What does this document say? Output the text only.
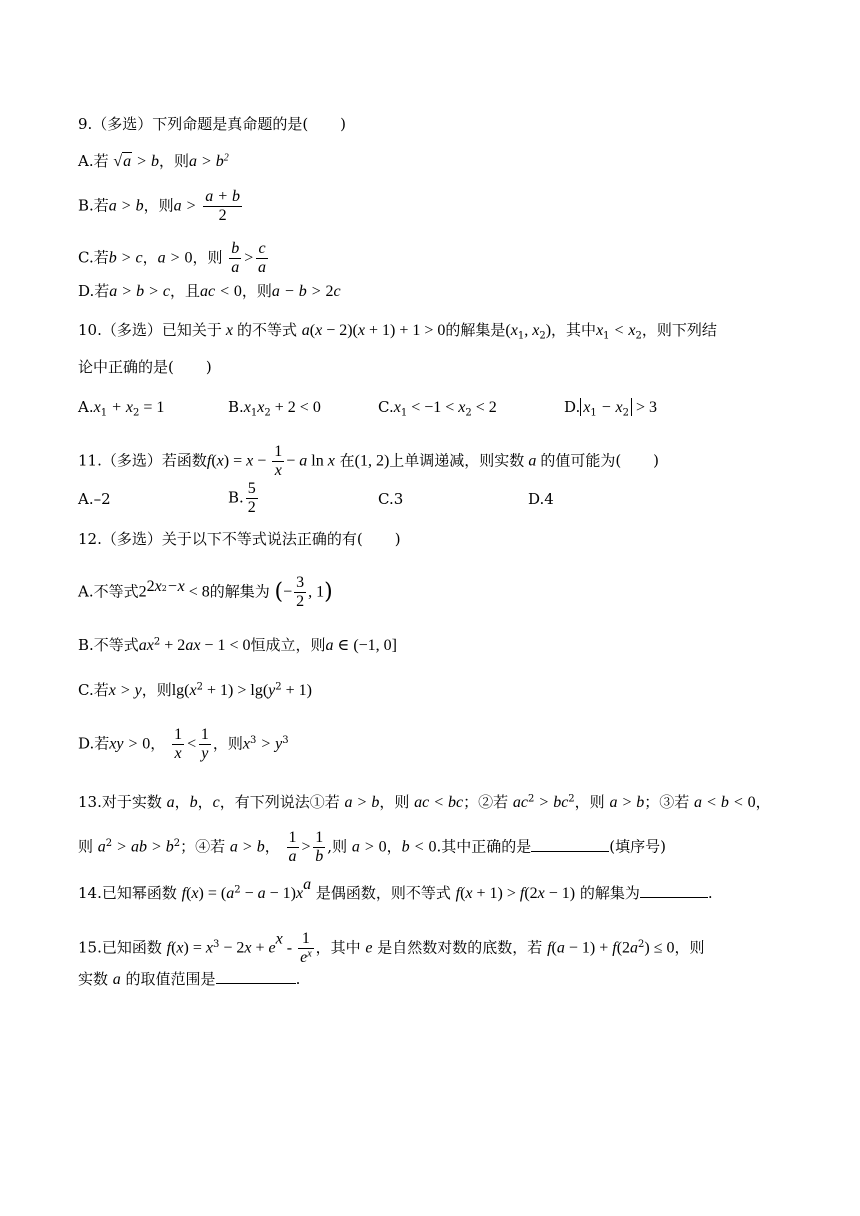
9.（多选）下列命题是真命题的是( )
A.若 √a > b，则$a > b^2$
B.若a > b，则$a > \frac{a + b}{2}$
C.若b > c，a > 0，则 $\frac{b}{a} > \frac{c}{a}$
D.若a > b > c，且ac < 0，则a − b > 2c
10.（多选）已知关于 x 的不等式 a(x − 2)(x + 1) + 1 > 0的解集是($x_1$, $x_2$)，其中$x_1 < x_2$，则下列结
论中正确的是( )
$A.x_1 + x_2 = 1$	$B.x_1x_2 + 2 < 0$	$C.x_1 < -1 < x_2 < 2$	D. $x_1 - x_2 > 3$
11.（多选）若函数$f(x) = x - \frac{1}{x} - a$ ln x 在(1, 2)上单调递减，则实数 a 的值可能为( )
A.–2	B. $\frac{5}{2}$	C.3	D.4
12.（多选）关于以下不等式说法正确的有( )
A.不等式$2^{2x2-x} < 8$的解集为 (− $\frac{3}{2}$ , 1)
B.不等式$ax^2 + 2ax - 1 < 0$恒成立，则a ∈ (−1, 0]
C.若x > y，则$\lg(x^2 + 1) > \lg(y^2 + 1)$
D.若xy > 0， $\frac{1}{x} < \frac{1}{y}$ ，则$x^3 > y^3$
13.对于实数 a，b，c，有下列说法①若 a > b，则 ac < bc；②若 $ac^2 > bc^2$，则 a > b；③若 a < b < 0，
则 $a^2$ > ab > $b^2$；④若 a > b， $\frac{1}{a} > \frac{1}{b}$ ,则 a > 0，b < 0.其中正确的是	(填序号)
14.已知幂函数 $f(x) = (a^2 - a - 1)x^a$ 是偶函数，则不等式 f(x + 1) > f(2x − 1) 的解集为	.
15.已知函数 $f(x) = x^3 - 2x + e^x - \frac{1}{e^x}$ ，其中 e 是自然数对数的底数，若 $f(a - 1) + f(2a^2) \le 0$，则
实数 a 的取值范围是	.
